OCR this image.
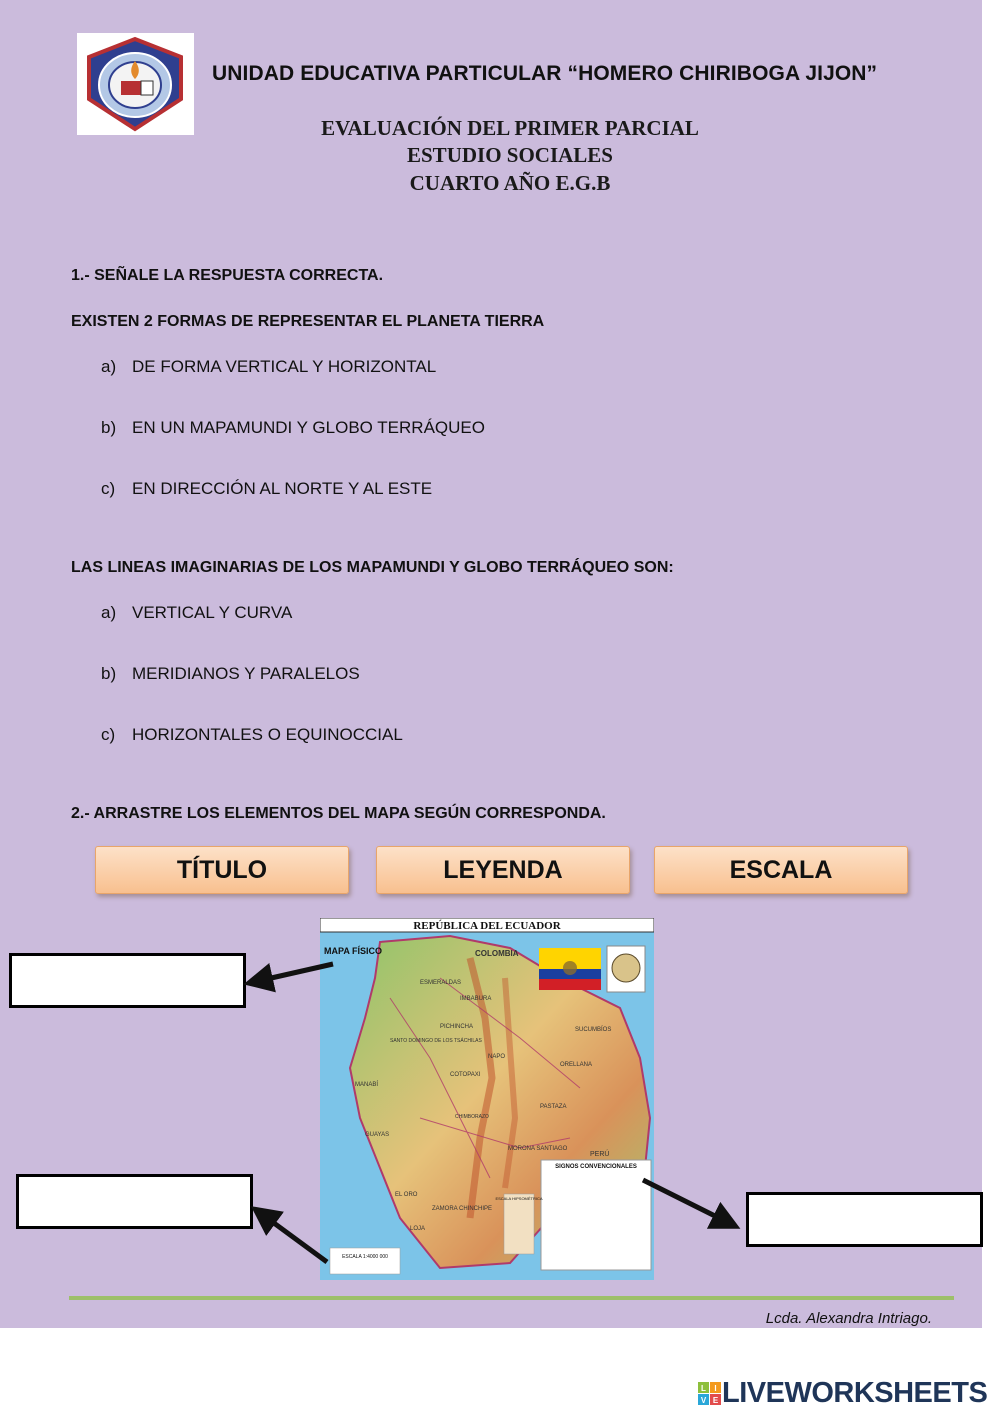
UNIDAD EDUCATIVA PARTICULAR “HOMERO CHIRIBOGA JIJON”
EVALUACIÓN DEL PRIMER PARCIAL
ESTUDIO SOCIALES
CUARTO AÑO E.G.B
1.- SEÑALE LA RESPUESTA CORRECTA.
EXISTEN 2 FORMAS DE REPRESENTAR EL PLANETA TIERRA
a) DE FORMA VERTICAL Y HORIZONTAL
b) EN UN MAPAMUNDI Y GLOBO TERRÁQUEO
c) EN DIRECCIÓN AL NORTE Y AL ESTE
LAS LINEAS IMAGINARIAS DE LOS MAPAMUNDI Y GLOBO TERRÁQUEO SON:
a) VERTICAL Y CURVA
b) MERIDIANOS Y PARALELOS
c) HORIZONTALES O EQUINOCCIAL
2.- ARRASTRE LOS ELEMENTOS DEL MAPA SEGÚN CORRESPONDA.
TÍTULO	LEYENDA	ESCALA
REPÚBLICA DEL ECUADOR
MAPA FÍSICO	COLOMBIA
ESMERALDAS
IMBABURA
SUCUMBÍOS
ORELLANA
NAPO
COTOPAXI
MANABÍ
PASTAZA
GUAYAS
MORONA SANTIAGO
EL ORO
LOJA
ZAMORA CHINCHIPE
PERÚ
PICHINCHA
SANTO DOMINGO DE LOS TSÁCHILAS
CHIMBORAZO
SIGNOS CONVENCIONALES
ESCALA HIPSOMÉTRICA
ESCALA 1:4000 000
Lcda. Alexandra Intriago.
L I
V E LIVEWORKSHEETS
